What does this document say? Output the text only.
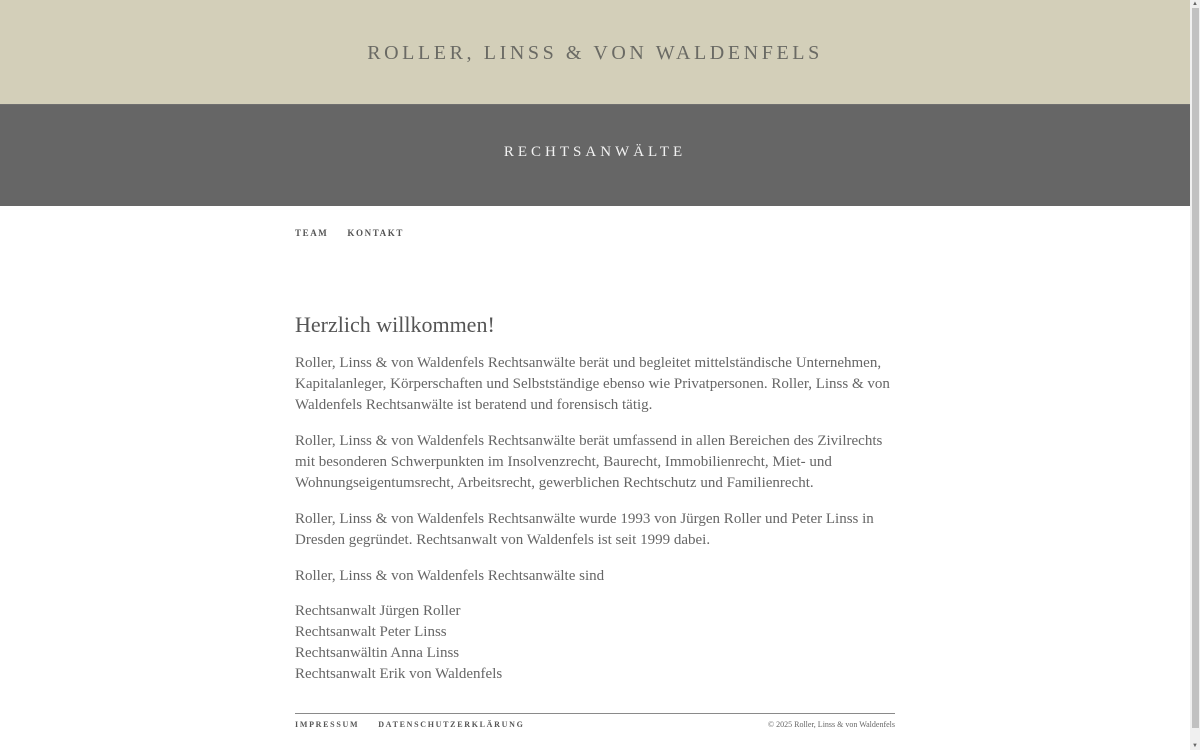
ROLLER, LINSS & VON WALDENFELS
RECHTSANWÄLTE
TEAM KONTAKT
Herzlich willkommen!

Roller, Linss & von Waldenfels Rechtsanwälte berät und begleitet mittelständische Unternehmen, Kapitalanleger, Körperschaften und Selbstständige ebenso wie Privatpersonen. Roller, Linss & von Waldenfels Rechtsanwälte ist beratend und forensisch tätig.

Roller, Linss & von Waldenfels Rechtsanwälte berät umfassend in allen Bereichen des Zivilrechts mit besonderen Schwerpunkten im Insolvenzrecht, Baurecht, Immobilienrecht, Miet- und Wohnungseigentumsrecht, Arbeitsrecht, gewerblichen Rechtschutz und Familienrecht.

Roller, Linss & von Waldenfels Rechtsanwälte wurde 1993 von Jürgen Roller und Peter Linss in Dresden gegründet. Rechtsanwalt von Waldenfels ist seit 1999 dabei.

Roller, Linss & von Waldenfels Rechtsanwälte sind

Rechtsanwalt Jürgen Roller
Rechtsanwalt Peter Linss
Rechtsanwältin Anna Linss
Rechtsanwalt Erik von Waldenfels
IMPRESSUM DATENSCHUTZERKLÄRUNG	© 2025 Roller, Linss & von Waldenfels
▲
▼
